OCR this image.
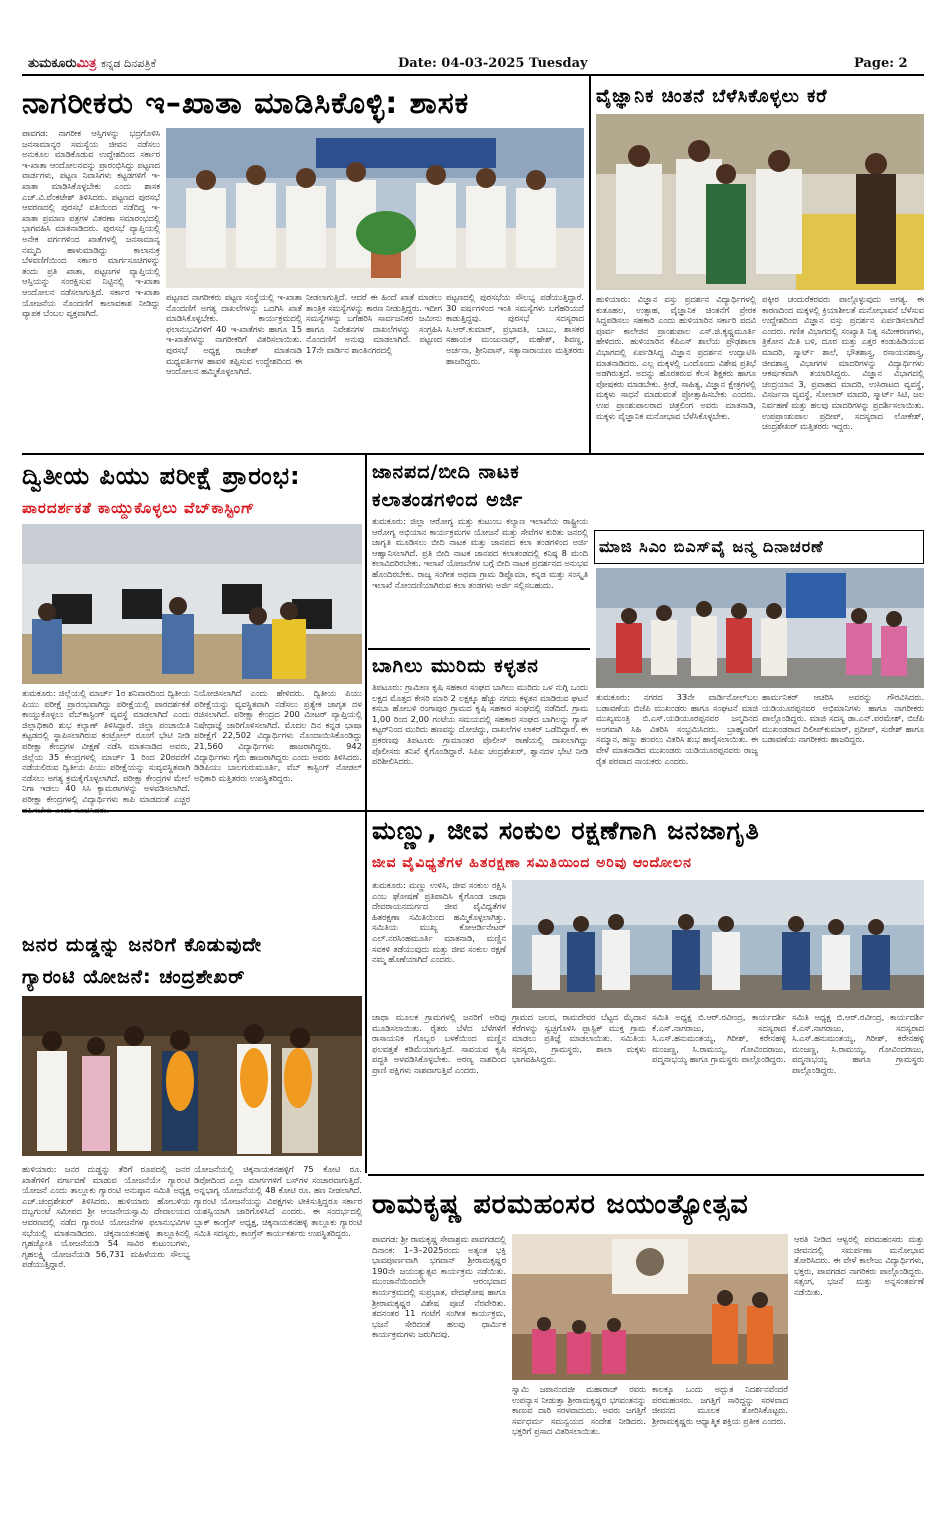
ತುಮಕೂರುಮಿತ್ರ ಕನ್ನಡ ದಿನಪತ್ರಿಕೆ	Date: 04-03-2025 Tuesday	Page: 2
ನಾಗರೀಕರು ಇ–ಖಾತಾ ಮಾಡಿಸಿಕೊಳ್ಳಿ: ಶಾಸಕ
ಪಾವಗಡ: ನಾಗರೀಕ ಆಸ್ತಿಗಳನ್ನು ಭದ್ರಗೊಳಿಸಿ ಜನಸಾಮಾನ್ಯರ ಸಮಸ್ಯೆಯ ಜೀವನ ನಡೆಸಲು ಅನುಕೂಲ ಮಾಡಿಕೊಡುವ ಉದ್ದೇಶದಿಂದ ಸರ್ಕಾರ ಇ-ಖಾತಾ ಆಂದೋಲನವನ್ನು ಪ್ರಾರಂಭಿಸಿದ್ದು ಪಟ್ಟಣದ ವಾರ್ಡಗಳು, ಪಟ್ಟಣ ನಿವಾಸಿಗಳು ಕಟ್ಟಡಗಳಿಗೆ ಇ-ಖಾತಾ ಮಾಡಿಸಿಕೊಳ್ಳಬೇಕು ಎಂದು ಶಾಸಕ ಎಚ್.ವಿ.ವೆಂಕಟೇಶ್ ತಿಳಿಸಿದರು. ಪಟ್ಟಣದ ಪುರಸಭೆ ಆವರಣದಲ್ಲಿ ಪುರಸಭೆ ವತಿಯಿಂದ ನಡೆದಿದ್ದ ಇ-ಖಾತಾ ಪ್ರಮಾಣ ಪತ್ರಗಳ ವಿತರಣಾ ಸಮಾರಂಭದಲ್ಲಿ ಭಾಗವಹಿಸಿ ಮಾತನಾಡಿದರು. ಪುರಸಭೆ ವ್ಯಾಪ್ತಿಯಲ್ಲಿ ಅನೇಕ ವರ್ಗಗಳಿಂದ ಖಾತೆಗಳಲ್ಲಿ ಜನಸಾಮಾನ್ಯ ನಮ್ಮದಿ ಹಾಳುಮಾಡಿದ್ದು ಕಾಲಾನುಕ್ರ ಬೆಳವಣಿಗೆಯಿಂದ ಸರ್ಕಾರ ಮಾರ್ಗಸೂಚಿಗಳನ್ನು ತಂದು ಪ್ರತಿ ಖಾತಾ, ಪಟ್ಟಣಗಳ ವ್ಯಾಪ್ತಿಯಲ್ಲಿ ಆಸ್ತಿಯನ್ನು ಸಂರಕ್ಷಿಸುವ ನಿಟ್ಟಿನಲ್ಲಿ ಇ-ಖಾತಾ ಆಂದೋಲನ ನಡೆಸಲಾಗುತ್ತಿದೆ. ಸರ್ಕಾರ ಇ-ಖಾತಾ ಯೋಜನೆಯ ನೊಂದಣಿಗೆ ಕಾಲಾವಕಾಶ ನೀಡಿದ್ದು ವ್ಯಾಪಕ ಬೆಂಬಲ ವ್ಯಕ್ತವಾಗಿದೆ.
ಪಟ್ಟಣದ ನಾಗರೀಕರು ಪಟ್ಟಣ ಸಂಸ್ಥೆಯಲ್ಲಿ ಇ-ಖಾತಾ ನೊಂದಣಿಗೆ ಅಗತ್ಯ ದಾಖಲೆಗಳನ್ನು ಒದಗಿಸಿ ಖಾತೆ ಮಾಡಿಸಿಕೊಳ್ಳಬೇಕು. ಕಾರ್ಯಕ್ರಮದಲ್ಲಿ ಫಲಾನುಭವಿಗಳಿಗೆ 40 ಇ-ಖಾತೆಗಳು ಹಾಗೂ 15 ಇ-ಖಾತೆಗಳನ್ನು ನಾಗರೀಕರಿಗೆ ವಿತರಿಸಲಾಯಿತು. ಪುರಸಭೆ ಅಧ್ಯಕ್ಷ ರಾಜೇಶ್ ಮಾತನಾಡಿ ಮಧ್ಯವರ್ತಿಗಳ ಹಾವಳಿ ತಪ್ಪಿಸುವ ಉದ್ದೇಶದಿಂದ ಈ ಆಂದೋಲನ ಹಮ್ಮಿಕೊಳ್ಳಲಾಗಿದೆ.
ನೀಡಲಾಗುತ್ತಿದೆ. ಆದರೆ ಈ ಹಿಂದೆ ಖಾತೆ ಮಾಡಲು ತಾಂತ್ರಿಕ ಸಮಸ್ಯೆಗಳನ್ನು ಕಾರಣ ನೀಡುತ್ತಿದ್ದರು. ಇದೀಗ ಸಮಸ್ಯೆಗಳನ್ನು ಬಗೆಹರಿಸಿ ಸಾರ್ವಜನಿಕರ ಜಮೀನು ಹಾಗೂ ನಿವೇಶನಗಳ ದಾಖಲೆಗಳನ್ನು ಸಂಗ್ರಹಿಸಿ ನೊಂದಣಿಗೆ ಅನುವು ಮಾಡಲಾಗಿದೆ. ಪಟ್ಟಣದ 17ನೇ ವಾರ್ಡಿನ ಶಾಂತಿನಗರದಲ್ಲಿ
ಪಟ್ಟಣದಲ್ಲಿ ಪುರಸಭೆಯ ಸೌಲಭ್ಯ ಪಡೆಯುತ್ತಿದ್ದಾರೆ. 30 ವರ್ಷಗಳಿಂದ ಇಂತಿ ಸಮಸ್ಯೆಗಳು ಬಗೆಹರಿಯದೆ ಕಾಡುತ್ತಿದ್ದವು. ಪುರಸಭೆ ಸದಸ್ಯರಾದ ಸಿ.ಆರ್.ಕುಮಾರ್, ಪ್ರಭಾವತಿ, ಬಾಬು, ಶಾಸಕರ ಸಹಾಯಕ ಮಂಜುನಾಥ್, ಮಹೇಶ್, ಶಿವಣ್ಣ, ಅರ್ಚನಾ, ಶ್ರೀನಿವಾಸ್, ಸತ್ಯಾನಾರಾಯಣ ಮತ್ತಿತರರು ಹಾಜರಿದ್ದರು.
ವೈಜ್ಞಾನಿಕ ಚಿಂತನೆ ಬೆಳೆಸಿಕೊಳ್ಳಲು ಕರೆ
ಹುಳಿಯಾರು: ವಿಜ್ಞಾನ ವಸ್ತು ಪ್ರದರ್ಶನ ವಿದ್ಯಾರ್ಥಿಗಳಲ್ಲಿ ಕುತೂಹಲ, ಉತ್ಸಾಹ, ವೈಜ್ಞಾನಿಕ ಚಿಂತನೆಗೆ ಪ್ರೇರಕ ಸಿದ್ದಪಡಿಸಲು ಸಹಕಾರಿ ಎಂದು ಹುಳಿಯಾರಿನ ಸರ್ಕಾರಿ ಪದವಿ ಪೂರ್ವ ಕಾಲೇಜಿನ ಪ್ರಾಂಶುಪಾಲ ಎಸ್.ಜಿ.ಕೃಷ್ಣಮೂರ್ತಿ ಹೇಳಿದರು. ಹುಳಿಯಾರಿನ ಕೆಪಿಎಸ್ ಶಾಲೆಯ ಪ್ರೌಢಶಾಲಾ ವಿಭಾಗದಲ್ಲಿ ಏರ್ಪಡಿಸಿದ್ದ ವಿಜ್ಞಾನ ಪ್ರದರ್ಶನ ಉದ್ಘಾಟಿಸಿ ಮಾತನಾಡಿದರು. ಎಲ್ಲ ಮಕ್ಕಳಲ್ಲಿ ಒಂದೊಂದು ವಿಶೇಷ ಪ್ರತಿಭೆ ಅಡಗಿರುತ್ತದೆ. ಅದನ್ನು ಹೊರತರುವ ಕೆಲಸ ಶಿಕ್ಷಕರು ಹಾಗೂ ಪೋಷಕರು ಮಾಡಬೇಕು. ಕ್ರೀಡೆ, ಸಾಹಿತ್ಯ, ವಿಜ್ಞಾನ ಕ್ಷೇತ್ರಗಳಲ್ಲಿ ಮಕ್ಕಳು ಸಾಧನೆ ಮಾಡುವಂತೆ ಪ್ರೋತ್ಸಾಹಿಸಬೇಕು ಎಂದರು. ಉಪ ಪ್ರಾಂಶುಪಾಲರಾದ ಚಿತ್ರಲಿಂಗ ಅವರು ಮಾತನಾಡಿ, ಮಕ್ಕಳು ವೈಜ್ಞಾನಿಕ ಮನೋಭಾವ ಬೆಳೆಸಿಕೊಳ್ಳಬೇಕು.
ಪಕ್ಕೀರ ಚಂದುರೆಕರವರು ಪಾಲ್ಗೊಳ್ಳುವುದು ಅಗತ್ಯ. ಈ ಕಾರಣದಿಂದ ಮಕ್ಕಳಲ್ಲಿ ಕ್ರಿಯಾಶೀಲತೆ ಮನೋಭಾವನೆ ಬೆಳೆಸುವ ಉದ್ದೇಶದಿಂದ ವಿಜ್ಞಾನ ವಸ್ತು ಪ್ರದರ್ಶನ ಏರ್ಪಡಿಸಲಾಗಿದೆ ಎಂದರು. ಗಣಿತ ವಿಭಾಗದಲ್ಲಿ ಸಂಖ್ಯಾತಿ ನಿತ್ಯ ಸಮೀಕರಣಗಳು, ತ್ರಿಕೋನ ಮಿತಿ ಬಳಿ, ದೂರ ಮತ್ತು ಎತ್ತರ ಕಂಡುಹಿಡಿಯುವ ಮಾದರಿ, ಸ್ಮಾರ್ಟ್ ಶಾಲೆ, ಭೌತಶಾಸ್ತ್ರ, ರಸಾಯನಶಾಸ್ತ್ರ, ಜೀವಶಾಸ್ತ್ರ ವಿಭಾಗಗಳ ಮಾದರಿಗಳನ್ನು ವಿದ್ಯಾರ್ಥಿಗಳು ಆಕರ್ಷಕವಾಗಿ ತಯಾರಿಸಿದ್ದರು. ವಿಜ್ಞಾನ ವಿಭಾಗದಲ್ಲಿ ಚಂದ್ರಯಾನ 3, ಪ್ರವಾಹದ ಮಾದರಿ, ಉಸಿರಾಟದ ವ್ಯವಸ್ಥೆ, ವಿಸರ್ಜನಾ ವ್ಯವಸ್ಥೆ, ಸೋಲಾರ್ ಮಾದರಿ, ಸ್ಮಾರ್ಟ್ ಸಿಟಿ, ಜಲ ನಿರ್ವಹಣೆ ಮತ್ತು ಹಲವು ಮಾದರಿಗಳನ್ನು ಪ್ರದರ್ಶಿಸಲಾಯಿತು. ಉಪಪ್ರಾಂಶುಪಾಲ ಪ್ರದೀಪ್, ಸದಸ್ಯರಾದ ಲೋಕೇಶ್, ಚಂದ್ರಶೇಖರ್ ಮತ್ತಿತರರು ಇದ್ದರು.
ದ್ವಿತೀಯ ಪಿಯು ಪರೀಕ್ಷೆ ಪ್ರಾರಂಭ:
ಪಾರದರ್ಶಕತೆ ಕಾಯ್ದುಕೊಳ್ಳಲು ವೆಬ್‌ಕಾಸ್ಟಿಂಗ್
ತುಮಕೂರು: ಜಿಲ್ಲೆಯಲ್ಲಿ ಮಾರ್ಚ್ 1ರ ಶನಿವಾರದಿಂದ ದ್ವಿತೀಯ ಪಿಯು ಪರೀಕ್ಷೆ ಪ್ರಾರಂಭವಾಗಿದ್ದು ಪರೀಕ್ಷೆಯಲ್ಲಿ ಪಾರದರ್ಶಕತೆ ಕಾಯ್ದುಕೊಳ್ಳಲು ವೆಬ್‌ಕಾಸ್ಟಿಂಗ್ ವ್ಯವಸ್ಥೆ ಮಾಡಲಾಗಿದೆ ಎಂದು ಜಿಲ್ಲಾಧಿಕಾರಿ ಶುಭ ಕಲ್ಯಾಣ್ ತಿಳಿಸಿದ್ದಾರೆ. ಜಿಲ್ಲಾ ಪಂಚಾಯಿತಿ ಕಟ್ಟಡದಲ್ಲಿ ಸ್ಥಾಪಿಸಲಾಗಿರುವ ಕಂಟ್ರೋಲ್ ರೂಂಗೆ ಭೇಟಿ ನೀಡಿ ಪರೀಕ್ಷಾ ಕೇಂದ್ರಗಳ ವೀಕ್ಷಣೆ ನಡೆಸಿ ಮಾತನಾಡಿದ ಅವರು, ಜಿಲ್ಲೆಯ 35 ಕೇಂದ್ರಗಳಲ್ಲಿ ಮಾರ್ಚ್ 1 ರಿಂದ 20ರವರೆಗೆ ನಡೆಯಲಿರುವ ದ್ವಿತೀಯ ಪಿಯು ಪರೀಕ್ಷೆಯನ್ನು ಸುವ್ಯವಸ್ಥಿತವಾಗಿ ನಡೆಸಲು ಅಗತ್ಯ ಕ್ರಮಕೈಗೊಳ್ಳಲಾಗಿದೆ. ಪರೀಕ್ಷಾ ಕೇಂದ್ರಗಳ ಮೇಲೆ ನಿಗಾ ಇಡಲು 40 ಸಿಸಿ ಕ್ಯಾಮರಾಗಳನ್ನು ಅಳವಡಿಸಲಾಗಿದೆ. ಪರೀಕ್ಷಾ ಕೇಂದ್ರಗಳಲ್ಲಿ ವಿದ್ಯಾರ್ಥಿಗಳು ಕಾಪಿ ಮಾಡದಂತೆ ಎಚ್ಚರ
ನಿಯೋಜಿಸಲಾಗಿದೆ ಎಂದು ಹೇಳಿದರು. ದ್ವಿತೀಯ ಪಿಯು ಪರೀಕ್ಷೆಯನ್ನು ವ್ಯವಸ್ಥಿತವಾಗಿ ನಡೆಸಲು ಪ್ರತ್ಯೇಕ ಜಾಗೃತ ದಳ ರಚಿಸಲಾಗಿದೆ. ಪರೀಕ್ಷಾ ಕೇಂದ್ರದ 200 ಮೀಟರ್ ವ್ಯಾಪ್ತಿಯಲ್ಲಿ ನಿಷೇಧಾಜ್ಞೆ ಜಾರಿಗೊಳಿಸಲಾಗಿದೆ. ಮೊದಲ ದಿನ ಕನ್ನಡ ಭಾಷಾ ಪರೀಕ್ಷೆಗೆ 22,502 ವಿದ್ಯಾರ್ಥಿಗಳು ನೊಂದಾಯಿಸಿಕೊಂಡಿದ್ದು 21,560 ವಿದ್ಯಾರ್ಥಿಗಳು ಹಾಜರಾಗಿದ್ದರು. 942 ವಿದ್ಯಾರ್ಥಿಗಳು ಗೈರು ಹಾಜರಾಗಿದ್ದರು ಎಂದು ಅವರು ತಿಳಿಸಿದರು. ಡಿಡಿಪಿಯು ಬಾಲಗುರುಮೂರ್ತಿ, ವೆಬ್ ಕಾಸ್ಟಿಂಗ್ ನೋಡಲ್ ಅಧಿಕಾರಿ ಮತ್ತಿತರರು ಉಪಸ್ಥಿತರಿದ್ದರು.
ಜಾನಪದ/ಬೀದಿ ನಾಟಕ
ಕಲಾತಂಡಗಳಿಂದ ಅರ್ಜಿ
ತುಮಕೂರು: ಜಿಲ್ಲಾ ಆರೋಗ್ಯ ಮತ್ತು ಕುಟುಂಬ ಕಲ್ಯಾಣ ಇಲಾಖೆಯ ರಾಷ್ಟ್ರೀಯ ಆರೋಗ್ಯ ಅಭಿಯಾನ ಕಾರ್ಯಕ್ರಮಗಳ ಯೋಜನೆ ಮತ್ತು ಸೇವೆಗಳ ಕುರಿತು ಜನರಲ್ಲಿ ಜಾಗೃತಿ ಮೂಡಿಸಲು ಬೀದಿ ನಾಟಕ ಮತ್ತು ಜಾನಪದ ಕಲಾ ತಂಡಗಳಿಂದ ಅರ್ಜಿ ಆಹ್ವಾನಿಸಲಾಗಿದೆ. ಪ್ರತಿ ಬೀದಿ ನಾಟಕ ಜಾನಪದ ಕಲಾತಂಡದಲ್ಲಿ ಕನಿಷ್ಠ 8 ಮಂದಿ ಕಲಾವಿದರಿರಬೇಕು. ಇಲಾಖೆ ಯೋಜನೆಗಳ ಬಗ್ಗೆ ಬೀದಿ ನಾಟಕ ಪ್ರದರ್ಶನದ ಅನುಭವ ಹೊಂದಿರಬೇಕು. ರಾಜ್ಯ ಸಂಗೀತ ಅಥವಾ ಗ್ರಾಮ ಡಿಪ್ಲೊಮಾ, ಕನ್ನಡ ಮತ್ತು ಸಂಸ್ಕೃತಿ ಇಲಾಖೆ ನೋಂದಣಿಯಾಗಿರುವ ಕಲಾ ತಂಡಗಳು ಅರ್ಜಿ ಸಲ್ಲಿಸಬಹುದು.
ಬಾಗಿಲು ಮುರಿದು ಕಳ್ಳತನ
ತಿಪಟೂರು: ಗ್ರಾಮೀಣ ಕೃಷಿ ಸಹಕಾರ ಸಂಘದ ಬಾಗಿಲು ಮುರಿದು ಒಳ ನುಗ್ಗಿ ಒಂದು ಲಕ್ಷದ ಮೊತ್ತದ ಕೇಸರಿ ಮಾರಿ 2 ಲಕ್ಷಕ್ಕೂ ಹೆಚ್ಚು ನಗದು ಕಳ್ಳತನ ಮಾಡಿರುವ ಘಟನೆ ಕಸಬಾ ಹೋಬಳಿ ರಂಗಾಪುರ ಗ್ರಾಮದ ಕೃಷಿ ಸಹಕಾರ ಸಂಘದಲ್ಲಿ ನಡೆದಿದೆ. ಗ್ರಾಮ 1,00 ರಿಂದ 2,00 ಗಂಟೆಯ ಸಮಯದಲ್ಲಿ ಸಹಕಾರ ಸಂಘದ ಬಾಗಿಲನ್ನು ಗ್ಯಾಸ್ ಕಟ್ಟರ್‌ನಿಂದ ಮುರಿದು ಹಣವನ್ನು ದೋಚಿದ್ದು, ದಾಖಲೆಗಳ ಲಾಕರ್ ಒಡೆದಿದ್ದಾರೆ. ಈ ಪ್ರಕರಣವು ತಿಪಟೂರು ಗ್ರಾಮಾಂತರ ಪೊಲೀಸ್ ಠಾಣೆಯಲ್ಲಿ ದಾಖಲಾಗಿದ್ದು ಪೊಲೀಸರು ತನಿಖೆ ಕೈಗೊಂಡಿದ್ದಾರೆ. ಸಿಪಿಐ ಚಂದ್ರಶೇಖರ್, ಶ್ವಾನದಳ ಭೇಟಿ ನೀಡಿ ಪರಿಶೀಲಿಸಿದರು.
ಮಾಜಿ ಸಿಎಂ ಬಿಎಸ್‌ವೈ ಜನ್ಮ ದಿನಾಚರಣೆ
ತುಮಕೂರು: ನಗರದ 33ನೇ ವಾರ್ಡಿನೋಲ್‌ಬಲ ಬಡಾವಣೆಯ ಬಿಜೆಪಿ ಮುಖಂಡರು ಹಾಗೂ ಸಂಘಟನೆ ಮಾಜಿ ಮುಖ್ಯಮಂತ್ರಿ ಬಿ.ಎಸ್.ಯಡಿಯೂರಪ್ಪನವರ ಜನ್ಮದಿನದ ಅಂಗವಾಗಿ ಸಿಹಿ ವಿತರಿಸಿ ಸಂಭ್ರಮಿಸಿದರು. ಬ್ರಾಹ್ಮಣರಿಗೆ ಸಮ್ಮಾನ, ಹಣ್ಣು ಹಂಪಲು ವಿತರಿಸಿ ಶುಭ ಹಾರೈಸಲಾಯಿತು. ಈ ವೇಳೆ ಮಾತನಾಡಿದ ಮುಖಂಡರು ಯಡಿಯೂರಪ್ಪನವರು ರಾಜ್ಯ ರೈತ ಪರವಾದ ನಾಯಕರು ಎಂದರು.
ಹಾರ್ಮನಿಕರ್ ಆಚರಿಸಿ ಅವರನ್ನು ಗೌರವಿಸಿದರು. ಯಡಿಯೂರಪ್ಪನವರ ಅಭಿಮಾನಿಗಳು ಹಾಗೂ ನಾಗರೀಕರು ಪಾಲ್ಗೊಂಡಿದ್ದರು. ಮಾಜಿ ಸದಸ್ಯ ಡಾ.ಎನ್.ಪರಮೇಶ್, ಬಿಜೆಪಿ ಮುಖಂಡರಾದ ದಿಲೀಪ್‌ಕುಮಾರ್, ಪ್ರದೀಪ್, ಸುರೇಶ್ ಹಾಗೂ ಬಡಾವಣೆಯ ನಾಗರೀಕರು ಹಾಜರಿದ್ದರು.
ಮಣ್ಣು, ಜೀವ ಸಂಕುಲ ರಕ್ಷಣೆಗಾಗಿ ಜನಜಾಗೃತಿ
ಜೀವ ವೈವಿಧ್ಯತೆಗಳ ಹಿತರಕ್ಷಣಾ ಸಮಿತಿಯಿಂದ ಅರಿವು ಆಂದೋಲನ
ತುಮಕೂರು: ಮಣ್ಣು ಉಳಿಸಿ, ಜೀವ ಸಂಕುಲ ರಕ್ಷಿಸಿ ಎಂಬ ಘೋಷಣೆ ಪ್ರತಿಪಾದಿಸಿ ಕೈಗೊಂಡ ಜಾಥಾ ದೇವರಾಯನದುರ್ಗದ ಜೀವ ವೈವಿಧ್ಯತೆಗಳ ಹಿತರಕ್ಷಣಾ ಸಮಿತಿಯಿಂದ ಹಮ್ಮಿಕೊಳ್ಳಲಾಗಿತ್ತು. ಸಮಿತಿಯ ಮುಖ್ಯ ಕೋಆರ್ಡಿನೇಟರ್ ಎಲ್.ನರಸಿಂಹಮೂರ್ತಿ ಮಾತನಾಡಿ, ಮಣ್ಣಿನ ಸವಕಳಿ ತಡೆಯುವುದು ಮತ್ತು ಜೀವ ಸಂಕುಲ ರಕ್ಷಣೆ ನಮ್ಮ ಹೊಣೆಯಾಗಿದೆ ಎಂದರು.
ಜಾಥಾ ಮೂಲಕ ಗ್ರಾಮಗಳಲ್ಲಿ ಜನರಿಗೆ ಅರಿವು ಮೂಡಿಸಲಾಯಿತು. ರೈತರು ಬೆಳೆದ ಬೆಳೆಗಳಿಗೆ ರಾಸಾಯನಿಕ ಗೊಬ್ಬರ ಬಳಕೆಯಿಂದ ಮಣ್ಣಿನ ಫಲವತ್ತತೆ ಕಡಿಮೆಯಾಗುತ್ತಿದೆ. ಸಾವಯವ ಕೃಷಿ ಪದ್ಧತಿ ಅಳವಡಿಸಿಕೊಳ್ಳಬೇಕು. ಅರಣ್ಯ ನಾಶದಿಂದ ಪ್ರಾಣಿ ಪಕ್ಷಿಗಳು ನಾಶವಾಗುತ್ತಿವೆ ಎಂದರು.
ಗ್ರಾಮದ ಜಲದ, ರಾಮದೇವರ ಬೆಟ್ಟದ ಮೈದಾನ ಕೆರೆಗಳನ್ನು ಸ್ವಚ್ಛಗೊಳಿಸಿ ಪ್ಲಾಸ್ಟಿಕ್ ಮುಕ್ತ ಗ್ರಾಮ ಮಾಡಲು ಪ್ರತಿಜ್ಞೆ ಮಾಡಲಾಯಿತು. ಸಮಿತಿಯ ಸದಸ್ಯರು, ಗ್ರಾಮಸ್ಥರು, ಶಾಲಾ ಮಕ್ಕಳು ಭಾಗವಹಿಸಿದ್ದರು.
ಸಮಿತಿ ಅಧ್ಯಕ್ಷ ಬಿ.ಆರ್.ರವೀಂದ್ರ, ಕಾರ್ಯದರ್ಶಿ ಕೆ.ಎಸ್.ನಾಗರಾಜು, ಸದಸ್ಯರಾದ ಸಿ.ಎಸ್.ಹನುಮಂತಯ್ಯ, ಗಿರೀಶ್, ಕರೇನಹಳ್ಳಿ ಮಂಜಣ್ಣ, ಸಿ.ರಾಮಯ್ಯ, ಗೋವಿಂದರಾಜು, ಪದ್ಮನಾಭಯ್ಯ ಹಾಗೂ ಗ್ರಾಮಸ್ಥರು ಪಾಲ್ಗೊಂಡಿದ್ದರು.
ಸಮಿತಿ ಅಧ್ಯಕ್ಷ ಬಿ.ಆರ್.ರವೀಂದ್ರ, ಕಾರ್ಯದರ್ಶಿ ಕೆ.ಎಸ್.ನಾಗರಾಜು, ಸದಸ್ಯರಾದ ಸಿ.ಎಸ್.ಹನುಮಂತಯ್ಯ, ಗಿರೀಶ್, ಕರೇನಹಳ್ಳಿ ಮಂಜಣ್ಣ, ಸಿ.ರಾಮಯ್ಯ, ಗೋವಿಂದರಾಜು, ಪದ್ಮನಾಭಯ್ಯ ಹಾಗೂ ಗ್ರಾಮಸ್ಥರು ಪಾಲ್ಗೊಂಡಿದ್ದರು.
ಜನರ ದುಡ್ಡನ್ನು ಜನರಿಗೆ ಕೊಡುವುದೇ
ಗ್ಯಾರಂಟಿ ಯೋಜನೆ: ಚಂದ್ರಶೇಖರ್
ಹುಳಿಯಾರು: ಜನರ ದುಡ್ಡನ್ನು ತೆರಿಗೆ ರೂಪದಲ್ಲಿ ಜನರ ಖಾತೆಗಳಿಗೆ ವರ್ಗಾವಣೆ ಮಾಡುವ ಯೋಜನೆಯೇ ಗ್ಯಾರಂಟಿ ಯೋಜನೆ ಎಂದು ತಾಲ್ಲೂಕು ಗ್ಯಾರಂಟಿ ಅನುಷ್ಠಾನ ಸಮಿತಿ ಅಧ್ಯಕ್ಷ ಎಚ್.ಚಂದ್ರಶೇಖರ್ ತಿಳಿಸಿದರು. ಹುಳಿಯಾರು ಹೋಬಳಿಯ ದಬ್ಬಗುಂಟೆ ಸಮೀಪದ ಶ್ರೀ ಆಂಜನೇಯಸ್ವಾಮಿ ದೇವಾಲಯದ ಆವರಣದಲ್ಲಿ ನಡೆದ ಗ್ಯಾರಂಟಿ ಯೋಜನೆಗಳ ಫಲಾನುಭವಿಗಳ ಸಭೆಯಲ್ಲಿ ಮಾತನಾಡಿದರು. ಚಿಕ್ಕನಾಯಕನಹಳ್ಳಿ ತಾಲ್ಲೂಕಿನಲ್ಲಿ ಗೃಹಜ್ಯೋತಿ ಯೋಜನೆಯಡಿ 54 ಸಾವಿರ ಕುಟುಂಬಗಳು, ಗೃಹಲಕ್ಷ್ಮಿ ಯೋಜನೆಯಡಿ 56,731 ಮಹಿಳೆಯರು ಸೌಲಭ್ಯ ಪಡೆಯುತ್ತಿದ್ದಾರೆ.
ಯೋಜನೆಯಲ್ಲಿ ಚಿಕ್ಕನಾಯಕನಹಳ್ಳಿಗೆ 75 ಕೋಟಿ ರೂ. ಡಿಪೋದಿಂದ ಎಲ್ಲಾ ಮಾರ್ಗಗಳಿಗೆ ಬಸ್‌ಗಳ ಸಂಚಾರವಾಗುತ್ತಿದೆ. ಅನ್ನಭಾಗ್ಯ ಯೋಜನೆಯಲ್ಲಿ 48 ಕೋಟಿ ರೂ. ಹಣ ನೀಡಲಾಗಿದೆ. ಗ್ಯಾರಂಟಿ ಯೋಜನೆಯನ್ನು ವಿಪಕ್ಷಗಳು ಟೀಕಿಸುತ್ತಿದ್ದರೂ ಸರ್ಕಾರ ಯಶಸ್ವಿಯಾಗಿ ಜಾರಿಗೊಳಿಸಿದೆ ಎಂದರು. ಈ ಸಂದರ್ಭದಲ್ಲಿ ಬ್ಲಾಕ್ ಕಾಂಗ್ರೆಸ್ ಅಧ್ಯಕ್ಷ, ಚಿಕ್ಕನಾಯಕನಹಳ್ಳಿ ತಾಲ್ಲೂಕು ಗ್ಯಾರಂಟಿ ಸಮಿತಿ ಸದಸ್ಯರು, ಕಾಂಗ್ರೆಸ್ ಕಾರ್ಯಕರ್ತರು ಉಪಸ್ಥಿತರಿದ್ದರು.
ರಾಮಕೃಷ್ಣ ಪರಮಹಂಸರ ಜಯಂತ್ಯೋತ್ಸವ
ಪಾವಗಡ: ಶ್ರೀ ರಾಮಕೃಷ್ಣ ಸೇವಾಶ್ರಮ ಪಾವಗಡದಲ್ಲಿ ದಿನಾಂಕ: 1–3–2025ರಂದು ಅತ್ಯಂತ ಭಕ್ತಿ ಭಾವಪೂರ್ಣವಾಗಿ ಭಗವಾನ್ ಶ್ರೀರಾಮಕೃಷ್ಣರ 190ನೇ ಜಯಂತ್ಯುತ್ಸವ ಕಾರ್ಯಕ್ರಮ ನಡೆಯಿತು. ಮುಂಜಾನೆಯಿಂದಲೇ ಆರಂಭವಾದ ಕಾರ್ಯಕ್ರಮದಲ್ಲಿ ಸುಪ್ರಭಾತ, ವೇದಘೋಷ ಹಾಗೂ ಶ್ರೀರಾಮಕೃಷ್ಣರ ವಿಶೇಷ ಪೂಜೆ ನೆರವೇರಿತು. ತದನಂತರ 11 ಗಂಟೆಗೆ ಸಂಗೀತ ಕಾರ್ಯಕ್ರಮ, ಭಜನೆ ಸೇರಿದಂತೆ ಹಲವು ಧಾರ್ಮಿಕ ಕಾರ್ಯಕ್ರಮಗಳು ಜರುಗಿದವು.
ಸ್ವಾಮಿ ಜಪಾನಂದಜೀ ಮಹಾರಾಜ್ ರವರು ಉಪನ್ಯಾಸ ನೀಡುತ್ತಾ ಶ್ರೀರಾಮಕೃಷ್ಣರ ಭಗವಂತನನ್ನು ಕಾಣುವ ದಾರಿ ಸರಳವಾದುದು. ಅವರು ಜಗತ್ತಿಗೆ ಸರ್ವಧರ್ಮ ಸಮನ್ವಯದ ಸಂದೇಶ ನೀಡಿದರು. ಭಕ್ತರಿಗೆ ಪ್ರಸಾದ ವಿತರಿಸಲಾಯಿತು.
ಕಾಲಕ್ಕೂ ಒಂದು ಅದ್ಭುತ ನಿದರ್ಶನವೆಂದರೆ ಪರಮಹಂಸರು. ಜಗತ್ತಿಗೆ ಸಾರಿದ್ದನ್ನು ಸರಳವಾದ ಜೀವನದ ಮೂಲಕ ತೋರಿಸಿಕೊಟ್ಟರು. ಶ್ರೀರಾಮಕೃಷ್ಣರು ಆಧ್ಯಾತ್ಮಿಕ ಶಕ್ತಿಯ ಪ್ರತೀಕ ಎಂದರು.
ಆರತಿ ನೀಡಿದ ಆಳ್ವರಲ್ಲಿ ಪರಮಹಂಸರು ಮತ್ತು ಜೀವನದಲ್ಲಿ ಸಮರ್ಪಣಾ ಮನೋಭಾವ ತೋರಿಸಿದರು. ಈ ವೇಳೆ ಕಾಲೇಜು ವಿದ್ಯಾರ್ಥಿಗಳು, ಭಕ್ತರು, ಪಾವಗಡದ ನಾಗರಿಕರು ಪಾಲ್ಗೊಂಡಿದ್ದರು. ಸತ್ಸಂಗ, ಭಜನೆ ಮತ್ತು ಅನ್ನಸಂತರ್ಪಣೆ ನಡೆಯಿತು.
